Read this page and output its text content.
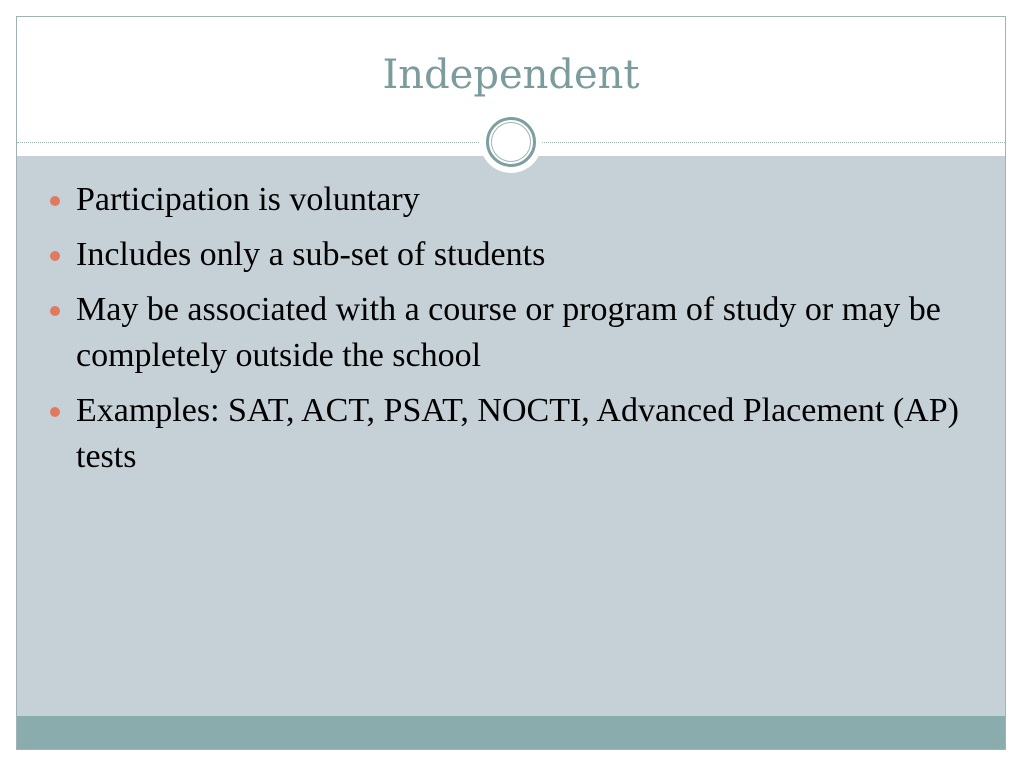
Independent
Participation is voluntary
Includes only a sub-set of students
May be associated with a course or program of study or may be completely outside the school
Examples: SAT, ACT, PSAT, NOCTI, Advanced Placement (AP) tests
